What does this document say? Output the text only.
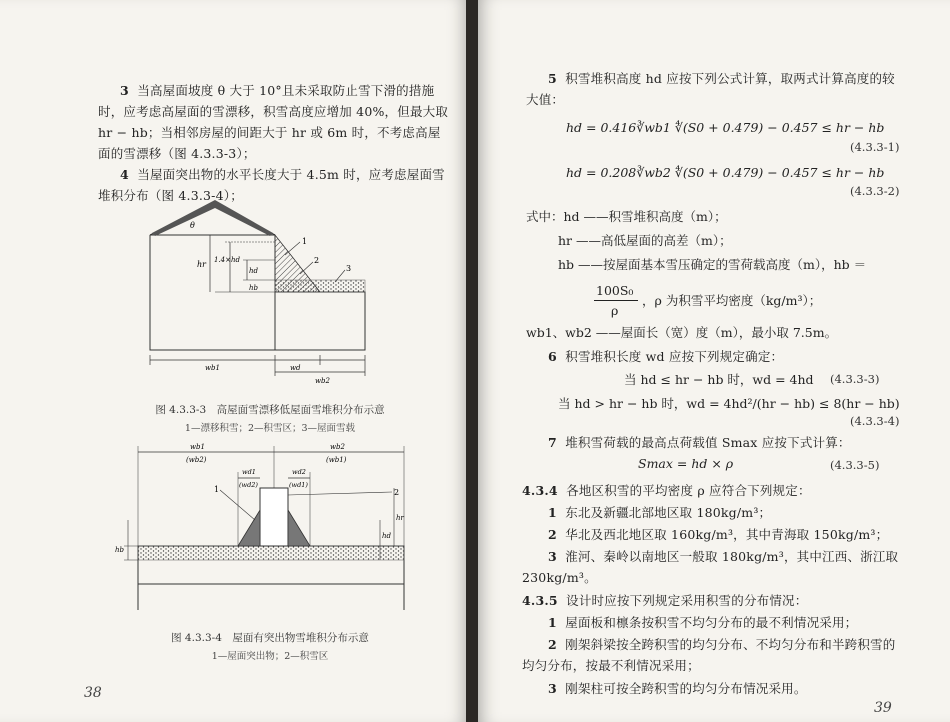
3 当高屋面坡度 θ 大于 10°且未采取防止雪下滑的措施时，应考虑高屋面的雪漂移，积雪高度应增加 40%，但最大取 hr − hb；当相邻房屋的间距大于 hr 或 6m 时，不考虑高屋面的雪漂移（图 4.3.3-3）；

4 当屋面突出物的水平长度大于 4.5m 时，应考虑屋面雪堆积分布（图 4.3.3-4）；

hr 1.4×hd
hd
hb
θ
1
2
3
wb1	wd
wb2
图 4.3.3-3　高屋面雪漂移低屋面雪堆积分布示意
1—漂移积雪；2—积雪区；3—屋面雪载
wb1
(wb2)
wb2
(wb1)
wd1
(wd2)
wd2
(wd1)
1	2
hb
hd
hr
图 4.3.3-4　屋面有突出物雪堆积分布示意
1—屋面突出物；2—积雪区
38

5 积雪堆积高度 hd 应按下列公式计算，取两式计算高度的较大值：

hd = 0.416∛wb1 ∜(S0 + 0.479) − 0.457 ≤ hr − hb
(4.3.3-1)
hd = 0.208∛wb2 ∜(S0 + 0.479) − 0.457 ≤ hr − hb
(4.3.3-2)
式中：hd ——积雪堆积高度（m）；
hr ——高低屋面的高差（m）；
hb ——按屋面基本雪压确定的雪荷载高度（m），hb ＝
100S₀
ρ
，ρ 为积雪平均密度（kg/m³）；
wb1、wb2 ——屋面长（宽）度（m），最小取 7.5m。

6 积雪堆积长度 wd 应按下列规定确定：

当 hd ≤ hr − hb 时，wd = 4hd (4.3.3-3)
当 hd > hr − hb 时，wd = 4hd²/(hr − hb) ≤ 8(hr − hb)
(4.3.3-4)

7 堆积雪荷载的最高点荷载值 Smax 应按下式计算：

Smax = hd × ρ	(4.3.3-5)

4.3.4 各地区积雪的平均密度 ρ 应符合下列规定：

1 东北及新疆北部地区取 180kg/m³；

2 华北及西北地区取 160kg/m³，其中青海取 150kg/m³；

3 淮河、秦岭以南地区一般取 180kg/m³，其中江西、浙江取 230kg/m³。

4.3.5 设计时应按下列规定采用积雪的分布情况：

1 屋面板和檩条按积雪不均匀分布的最不利情况采用；

2 刚架斜梁按全跨积雪的均匀分布、不均匀分布和半跨积雪的均匀分布，按最不利情况采用；

3 刚架柱可按全跨积雪的均匀分布情况采用。

39
